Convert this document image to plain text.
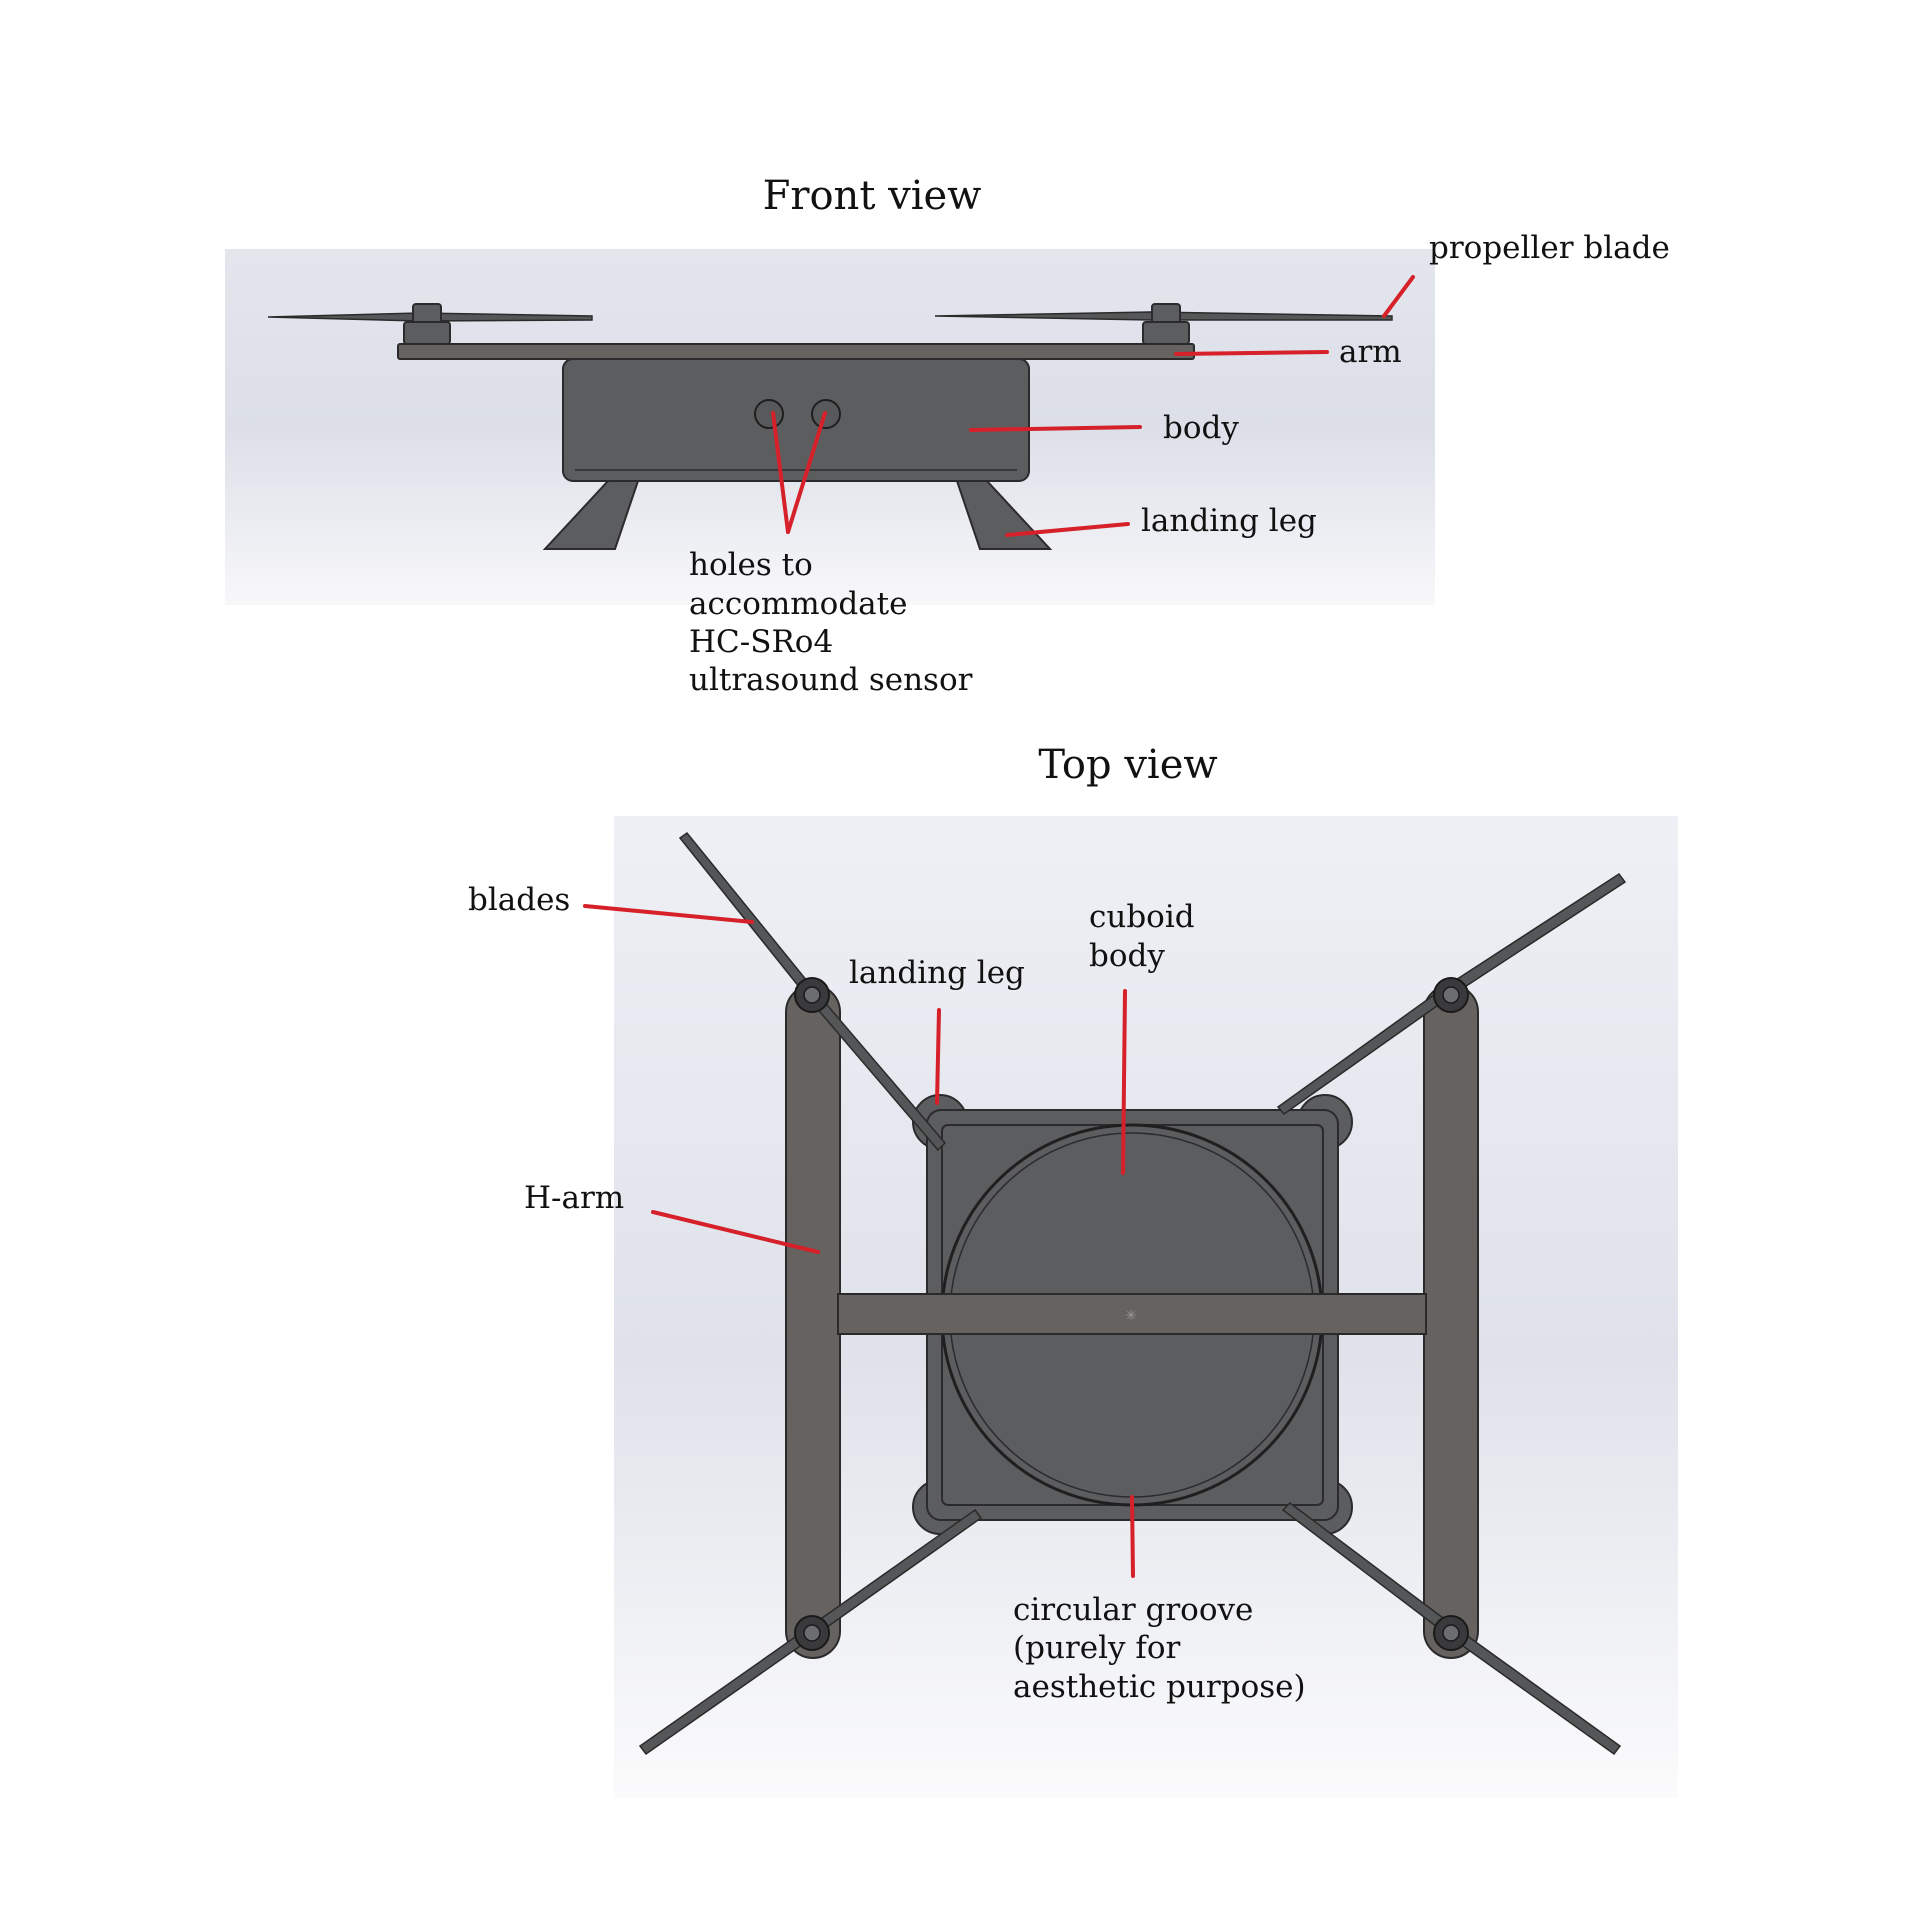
Front view
propeller blade
arm
body
landing leg
holes to
accommodate
HC-SRo4
ultrasound sensor
Top view
✳
blades
landing leg
cuboid
body
H-arm
circular groove
(purely for
aesthetic purpose)
